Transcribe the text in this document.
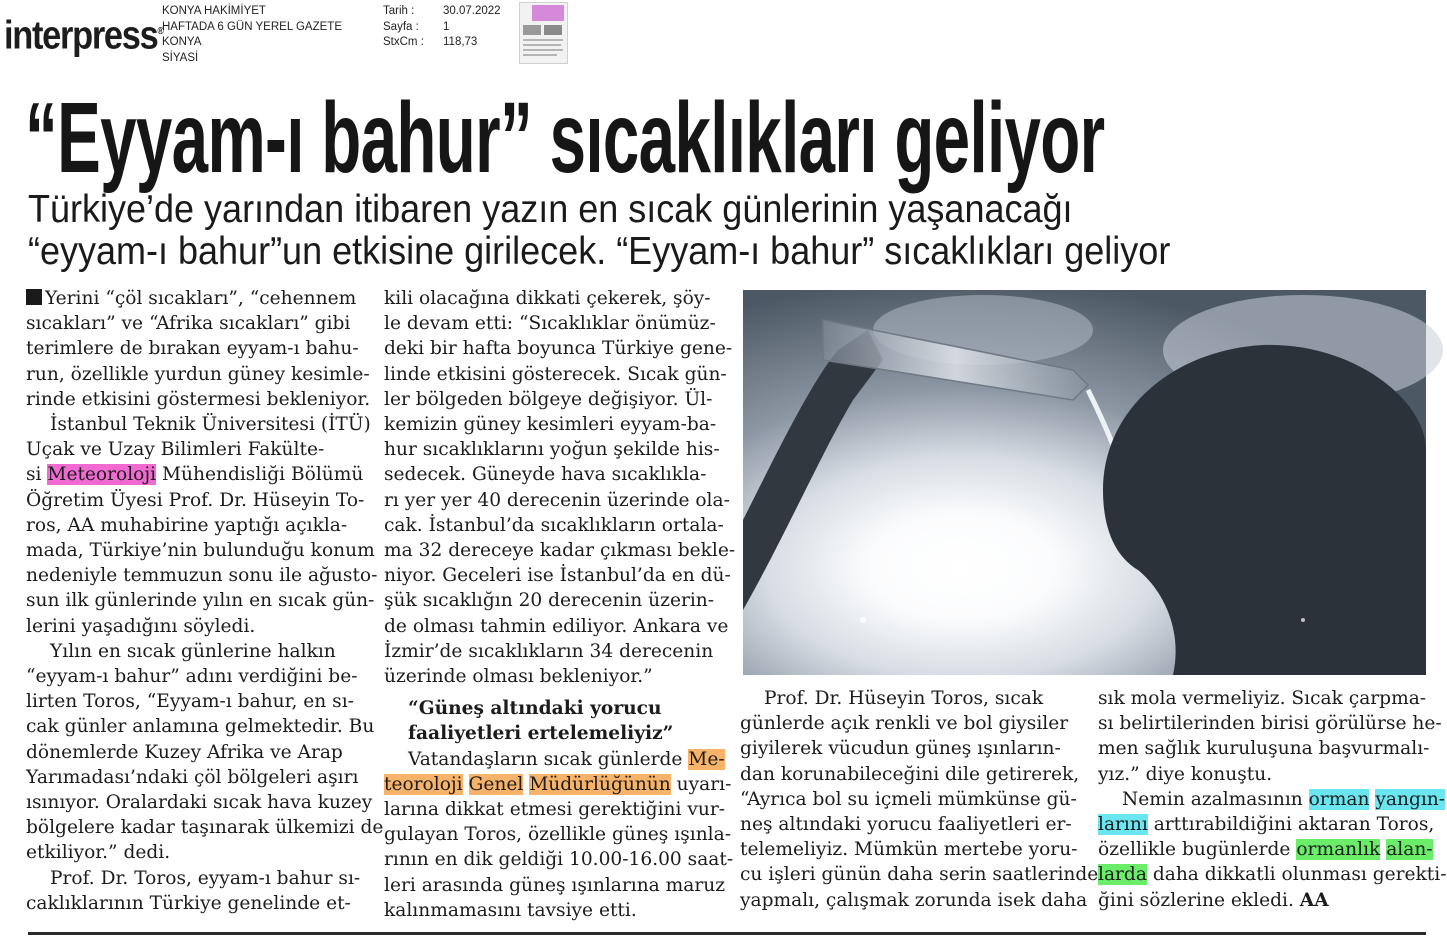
interpress®
KONYA HAKİMİYET
HAFTADA 6 GÜN YEREL GAZETE
KONYA
SİYASİ
Tarih :	30.07.2022
Sayfa :	1
StxCm :	118,73
“Eyyam-ı bahur” sıcaklıkları geliyor
Türkiye’de yarından itibaren yazın en sıcak günlerinin yaşanacağı
“eyyam-ı bahur”un etkisine girilecek. “Eyyam-ı bahur” sıcaklıkları geliyor
Yerini “çöl sıcakları”, “cehennem
sıcakları” ve “Afrika sıcakları” gibi
terimlere de bırakan eyyam-ı bahu-
run, özellikle yurdun güney kesimle-
rinde etkisini göstermesi bekleniyor.
İstanbul Teknik Üniversitesi (İTÜ)
Uçak ve Uzay Bilimleri Fakülte-
si Meteoroloji Mühendisliği Bölümü
Öğretim Üyesi Prof. Dr. Hüseyin To-
ros, AA muhabirine yaptığı açıkla-
mada, Türkiye’nin bulunduğu konum
nedeniyle temmuzun sonu ile ağusto-
sun ilk günlerinde yılın en sıcak gün-
lerini yaşadığını söyledi.
Yılın en sıcak günlerine halkın
“eyyam-ı bahur” adını verdiğini be-
lirten Toros, “Eyyam-ı bahur, en sı-
cak günler anlamına gelmektedir. Bu
dönemlerde Kuzey Afrika ve Arap
Yarımadası’ndaki çöl bölgeleri aşırı
ısınıyor. Oralardaki sıcak hava kuzey
bölgelere kadar taşınarak ülkemizi de
etkiliyor.” dedi.
Prof. Dr. Toros, eyyam-ı bahur sı-
caklıklarının Türkiye genelinde et-
kili olacağına dikkati çekerek, şöy-
le devam etti: “Sıcaklıklar önümüz-
deki bir hafta boyunca Türkiye gene-
linde etkisini gösterecek. Sıcak gün-
ler bölgeden bölgeye değişiyor. Ül-
kemizin güney kesimleri eyyam-ba-
hur sıcaklıklarını yoğun şekilde his-
sedecek. Güneyde hava sıcaklıkla-
rı yer yer 40 derecenin üzerinde ola-
cak. İstanbul’da sıcaklıkların ortala-
ma 32 dereceye kadar çıkması bekle-
niyor. Geceleri ise İstanbul’da en dü-
şük sıcaklığın 20 derecenin üzerin-
de olması tahmin ediliyor. Ankara ve
İzmir’de sıcaklıkların 34 derecenin
üzerinde olması bekleniyor.”
“Güneş altındaki yorucu
faaliyetleri ertelemeliyiz”
Vatandaşların sıcak günlerde Me-
teoroloji Genel Müdürlüğünün uyarı-
larına dikkat etmesi gerektiğini vur-
gulayan Toros, özellikle güneş ışınla-
rının en dik geldiği 10.00-16.00 saat-
leri arasında güneş ışınlarına maruz
kalınmamasını tavsiye etti.
Prof. Dr. Hüseyin Toros, sıcak
günlerde açık renkli ve bol giysiler
giyilerek vücudun güneş ışınların-
dan korunabileceğini dile getirerek,
“Ayrıca bol su içmeli mümkünse gü-
neş altındaki yorucu faaliyetleri er-
telemeliyiz. Mümkün mertebe yoru-
cu işleri günün daha serin saatlerinde
yapmalı, çalışmak zorunda isek daha
sık mola vermeliyiz. Sıcak çarpma-
sı belirtilerinden birisi görülürse he-
men sağlık kuruluşuna başvurmalı-
yız.” diye konuştu.
Nemin azalmasının orman yangın-
larını arttırabildiğini aktaran Toros,
özellikle bugünlerde ormanlık alan-
larda daha dikkatli olunması gerekti-
ğini sözlerine ekledi. AA
